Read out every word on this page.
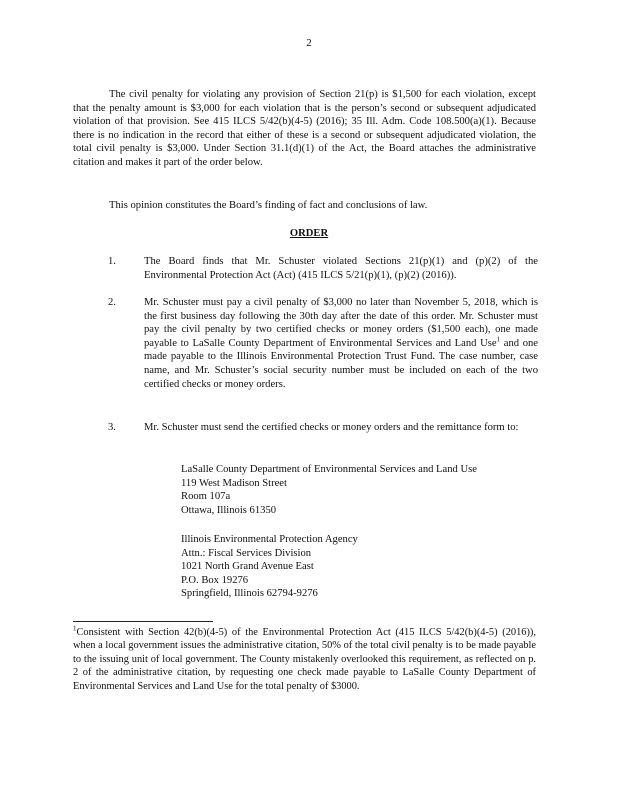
2
The civil penalty for violating any provision of Section 21(p) is $1,500 for each violation, except that the penalty amount is $3,000 for each violation that is the person’s second or subsequent adjudicated violation of that provision. See 415 ILCS 5/42(b)(4-5) (2016); 35 Ill. Adm. Code 108.500(a)(1). Because there is no indication in the record that either of these is a second or subsequent adjudicated violation, the total civil penalty is $3,000. Under Section 31.1(d)(1) of the Act, the Board attaches the administrative citation and makes it part of the order below.
This opinion constitutes the Board’s finding of fact and conclusions of law.
ORDER
1.	The Board finds that Mr. Schuster violated Sections 21(p)(1) and (p)(2) of the Environmental Protection Act (Act) (415 ILCS 5/21(p)(1), (p)(2) (2016)).
2.	Mr. Schuster must pay a civil penalty of $3,000 no later than November 5, 2018, which is the first business day following the 30th day after the date of this order. Mr. Schuster must pay the civil penalty by two certified checks or money orders ($1,500 each), one made payable to LaSalle County Department of Environmental Services and Land Use$^1$ and one made payable to the Illinois Environmental Protection Trust Fund. The case number, case name, and Mr. Schuster’s social security number must be included on each of the two certified checks or money orders.
3.	Mr. Schuster must send the certified checks or money orders and the remittance form to:
LaSalle County Department of Environmental Services and Land Use
119 West Madison Street
Room 107a
Ottawa, Illinois 61350
Illinois Environmental Protection Agency
Attn.: Fiscal Services Division
1021 North Grand Avenue East
P.O. Box 19276
Springfield, Illinois 62794-9276
$^1$Consistent with Section 42(b)(4-5) of the Environmental Protection Act (415 ILCS 5/42(b)(4-5) (2016)), when a local government issues the administrative citation, 50% of the total civil penalty is to be made payable to the issuing unit of local government. The County mistakenly overlooked this requirement, as reflected on p. 2 of the administrative citation, by requesting one check made payable to LaSalle County Department of Environmental Services and Land Use for the total penalty of $3000.
